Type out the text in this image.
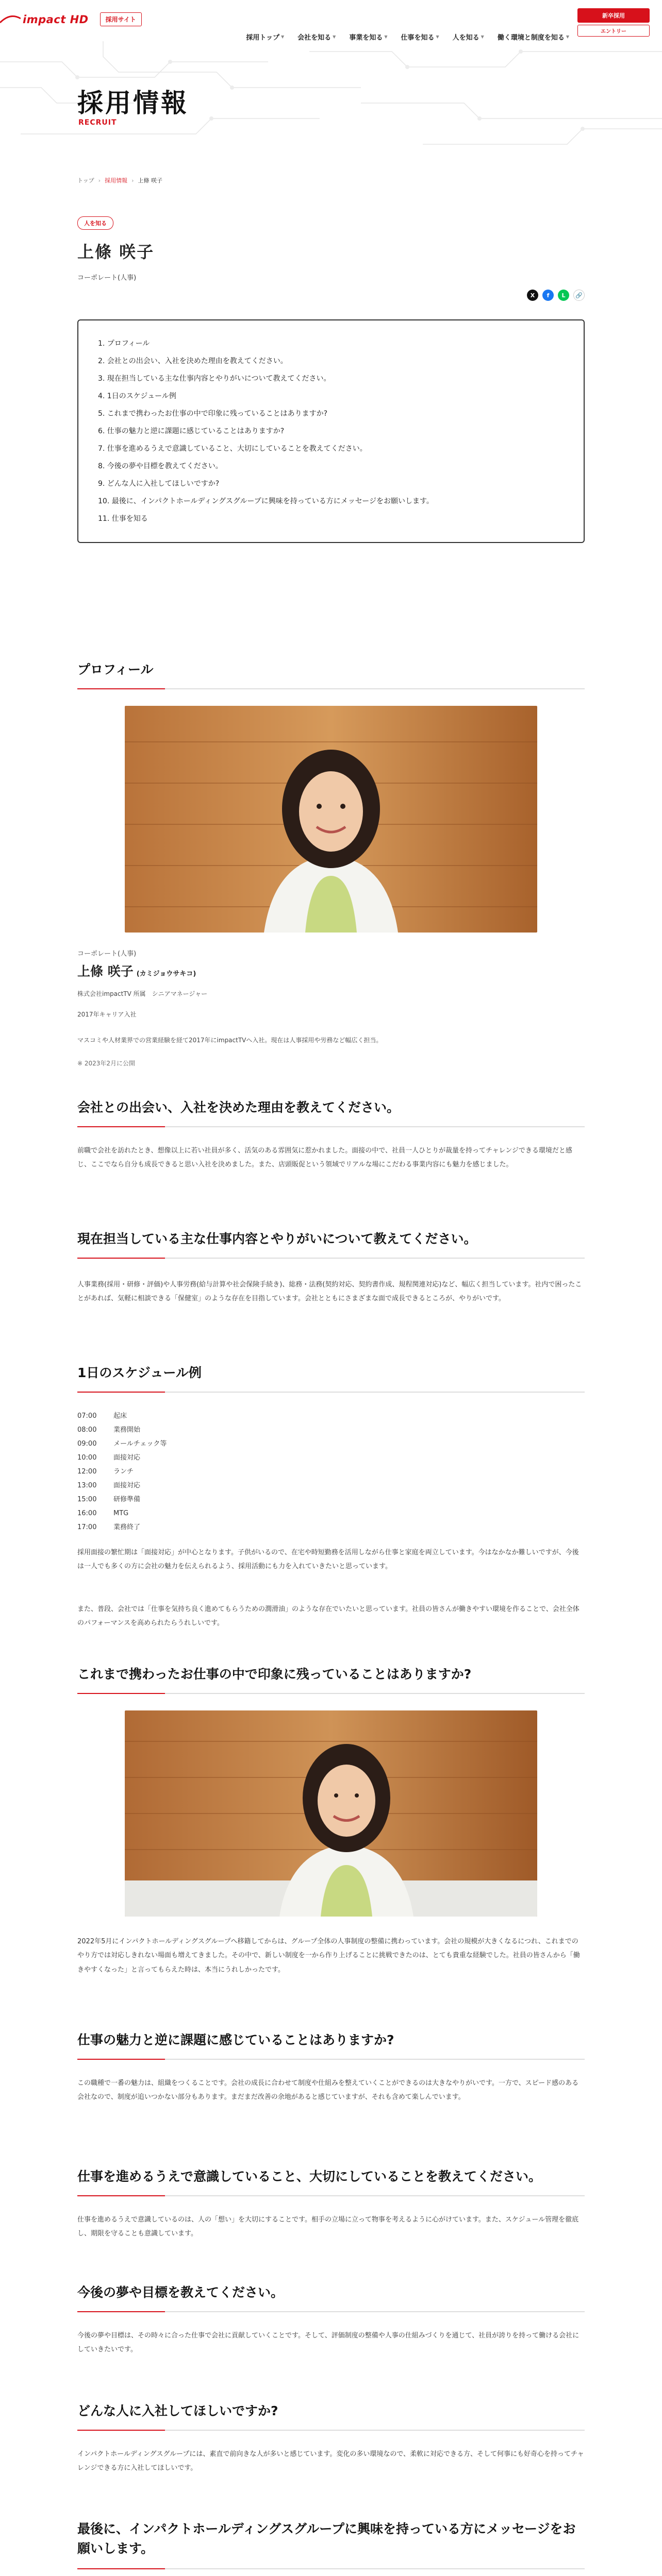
impact HD	採用サイト
採用トップ ▼ 会社を知る ▼ 事業を知る ▼ 仕事を知る ▼ 人を知る ▼ 働く環境と制度を知る ▼
新卒採用
エントリー
採用情報
RECRUIT
トップ › 採用情報 › 上條 咲子
人を知る
上條 咲子
コーポレート(人事)
X	f	L	🔗
1. プロフィール
2. 会社との出会い、入社を決めた理由を教えてください。
3. 現在担当している主な仕事内容とやりがいについて教えてください。
4. 1日のスケジュール例
5. これまで携わったお仕事の中で印象に残っていることはありますか?
6. 仕事の魅力と逆に課題に感じていることはありますか?
7. 仕事を進めるうえで意識していること、大切にしていることを教えてください。
8. 今後の夢や目標を教えてください。
9. どんな人に入社してほしいですか?
10. 最後に、インパクトホールディングスグループに興味を持っている方にメッセージをお願いします。
11. 仕事を知る
プロフィール
コーポレート(人事)
上條 咲子 (カミジョウサキコ)
株式会社impactTV 所属　シニアマネージャー
2017年キャリア入社
マスコミや人材業界での営業経験を経て2017年にimpactTVへ入社。現在は人事採用や労務など幅広く担当。
※ 2023年2月に公開
会社との出会い、入社を決めた理由を教えてください。

前職で会社を訪れたとき、想像以上に若い社員が多く、活気のある雰囲気に惹かれました。面接の中で、社員一人ひとりが裁量を持ってチャレンジできる環境だと感じ、ここでなら自分も成長できると思い入社を決めました。また、店頭販促という領域でリアルな場にこだわる事業内容にも魅力を感じました。

現在担当している主な仕事内容とやりがいについて教えてください。

人事業務(採用・研修・評価)や人事労務(給与計算や社会保険手続き)、総務・法務(契約対応、契約書作成、規程関連対応)など、幅広く担当しています。社内で困ったことがあれば、気軽に相談できる「保健室」のような存在を目指しています。会社とともにさまざまな面で成長できるところが、やりがいです。

1日のスケジュール例
07:00	起床
08:00	業務開始
09:00	メールチェック等
10:00	面接対応
12:00	ランチ
13:00	面接対応
15:00	研修準備
16:00	MTG
17:00	業務終了

採用面接の繁忙期は「面接対応」が中心となります。子供がいるので、在宅や時短勤務を活用しながら仕事と家庭を両立しています。今はなかなか難しいですが、今後は一人でも多くの方に会社の魅力を伝えられるよう、採用活動にも力を入れていきたいと思っています。

また、普段、会社では「仕事を気持ち良く進めてもらうための潤滑油」のような存在でいたいと思っています。社員の皆さんが働きやすい環境を作ることで、会社全体のパフォーマンスを高められたらうれしいです。

これまで携わったお仕事の中で印象に残っていることはありますか?

2022年5月にインパクトホールディングスグループへ移籍してからは、グループ全体の人事制度の整備に携わっています。会社の規模が大きくなるにつれ、これまでのやり方では対応しきれない場面も増えてきました。その中で、新しい制度を一から作り上げることに挑戦できたのは、とても貴重な経験でした。社員の皆さんから「働きやすくなった」と言ってもらえた時は、本当にうれしかったです。

仕事の魅力と逆に課題に感じていることはありますか?

この職種で一番の魅力は、組織をつくることです。会社の成長に合わせて制度や仕組みを整えていくことができるのは大きなやりがいです。一方で、スピード感のある会社なので、制度が追いつかない部分もあります。まだまだ改善の余地があると感じていますが、それも含めて楽しんでいます。

仕事を進めるうえで意識していること、大切にしていることを教えてください。

仕事を進めるうえで意識しているのは、人の「想い」を大切にすることです。相手の立場に立って物事を考えるように心がけています。また、スケジュール管理を徹底し、期限を守ることも意識しています。

今後の夢や目標を教えてください。

今後の夢や目標は、その時々に合った仕事で会社に貢献していくことです。そして、評価制度の整備や人事の仕組みづくりを通じて、社員が誇りを持って働ける会社にしていきたいです。

どんな人に入社してほしいですか?

インパクトホールディングスグループには、素直で前向きな人が多いと感じています。変化の多い環境なので、柔軟に対応できる方、そして何事にも好奇心を持ってチャレンジできる方に入社してほしいです。

最後に、インパクトホールディングスグループに興味を持っている方にメッセージをお願いします。
